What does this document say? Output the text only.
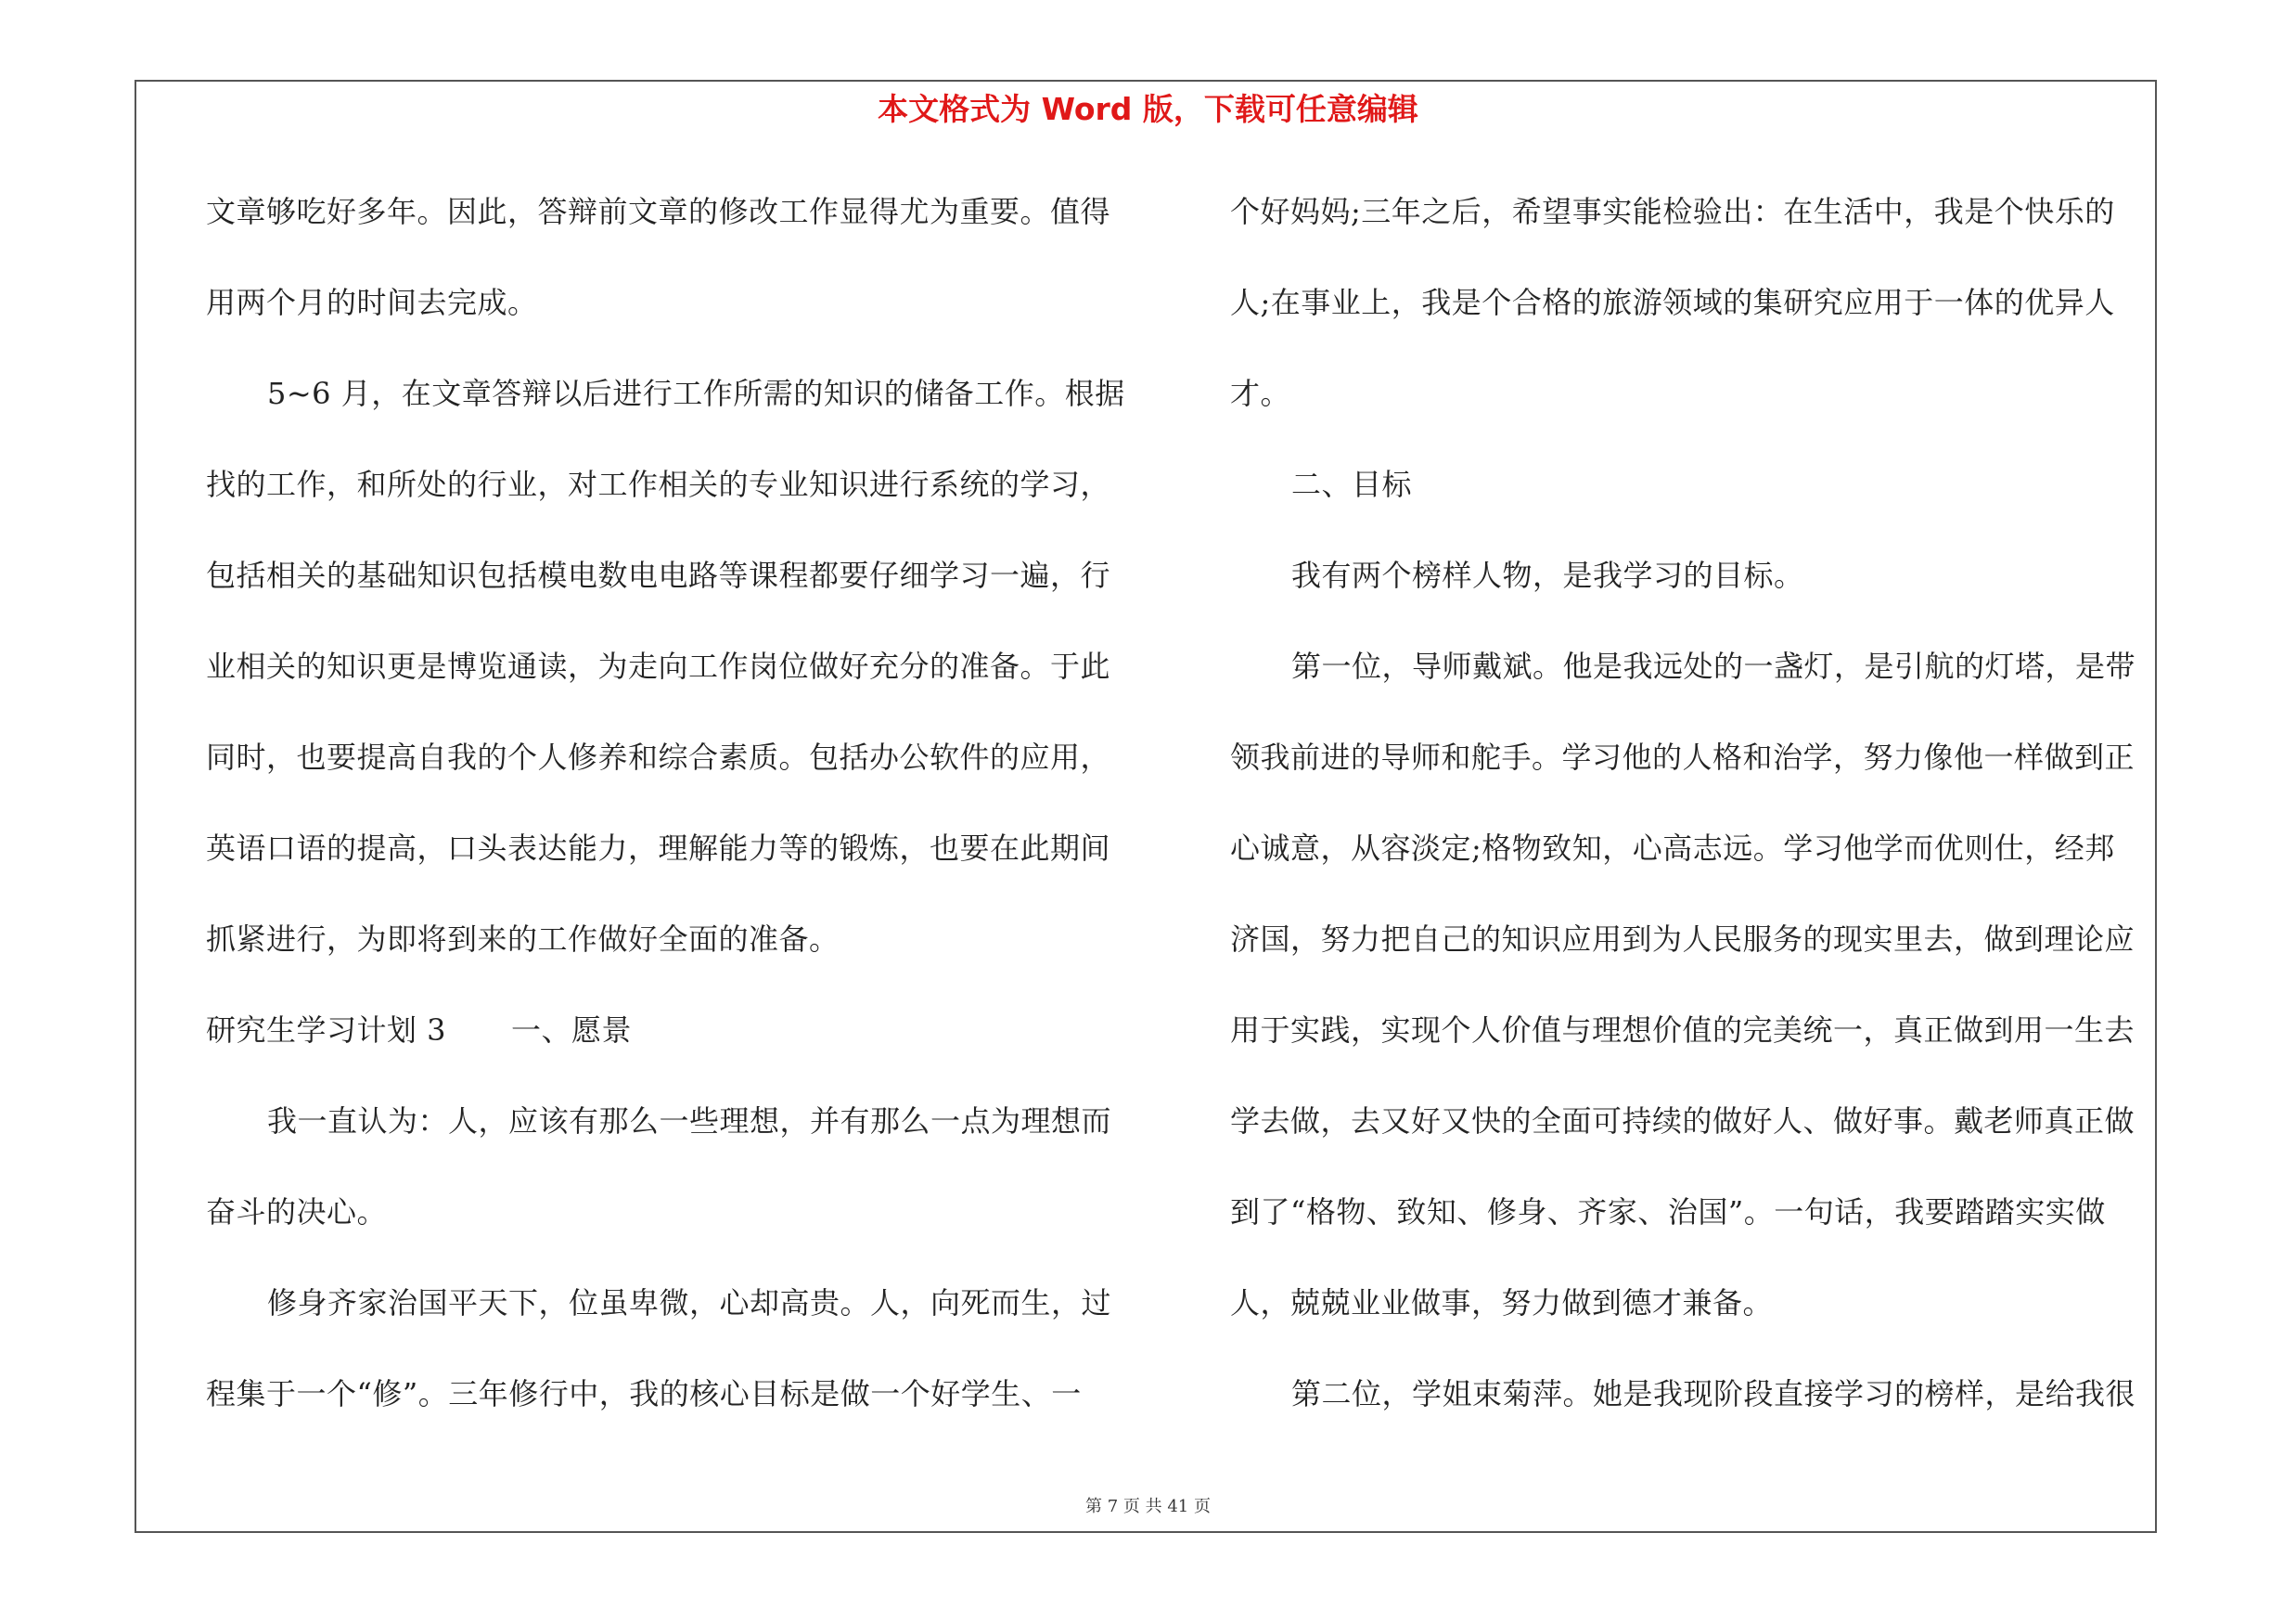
本文格式为 Word 版，下载可任意编辑
文章够吃好多年。因此，答辩前文章的修改工作显得尤为重要。值得
用两个月的时间去完成。
5~6 月，在文章答辩以后进行工作所需的知识的储备工作。根据
找的工作，和所处的行业，对工作相关的专业知识进行系统的学习，
包括相关的基础知识包括模电数电电路等课程都要仔细学习一遍，行
业相关的知识更是博览通读，为走向工作岗位做好充分的准备。于此
同时，也要提高自我的个人修养和综合素质。包括办公软件的应用，
英语口语的提高，口头表达能力，理解能力等的锻炼，也要在此期间
抓紧进行，为即将到来的工作做好全面的准备。
研究生学习计划 3 一、愿景
我一直认为：人，应该有那么一些理想，并有那么一点为理想而
奋斗的决心。
修身齐家治国平天下，位虽卑微，心却高贵。人，向死而生，过
程集于一个“修”。三年修行中，我的核心目标是做一个好学生、一
个好妈妈;三年之后，希望事实能检验出：在生活中，我是个快乐的
人;在事业上，我是个合格的旅游领域的集研究应用于一体的优异人
才。
二、目标
我有两个榜样人物，是我学习的目标。
第一位，导师戴斌。他是我远处的一盏灯，是引航的灯塔，是带
领我前进的导师和舵手。学习他的人格和治学，努力像他一样做到正
心诚意，从容淡定;格物致知，心高志远。学习他学而优则仕，经邦
济国，努力把自己的知识应用到为人民服务的现实里去，做到理论应
用于实践，实现个人价值与理想价值的完美统一，真正做到用一生去
学去做，去又好又快的全面可持续的做好人、做好事。戴老师真正做
到了“格物、致知、修身、齐家、治国”。一句话，我要踏踏实实做
人，兢兢业业做事，努力做到德才兼备。
第二位，学姐束菊萍。她是我现阶段直接学习的榜样，是给我很
第 7 页 共 41 页
